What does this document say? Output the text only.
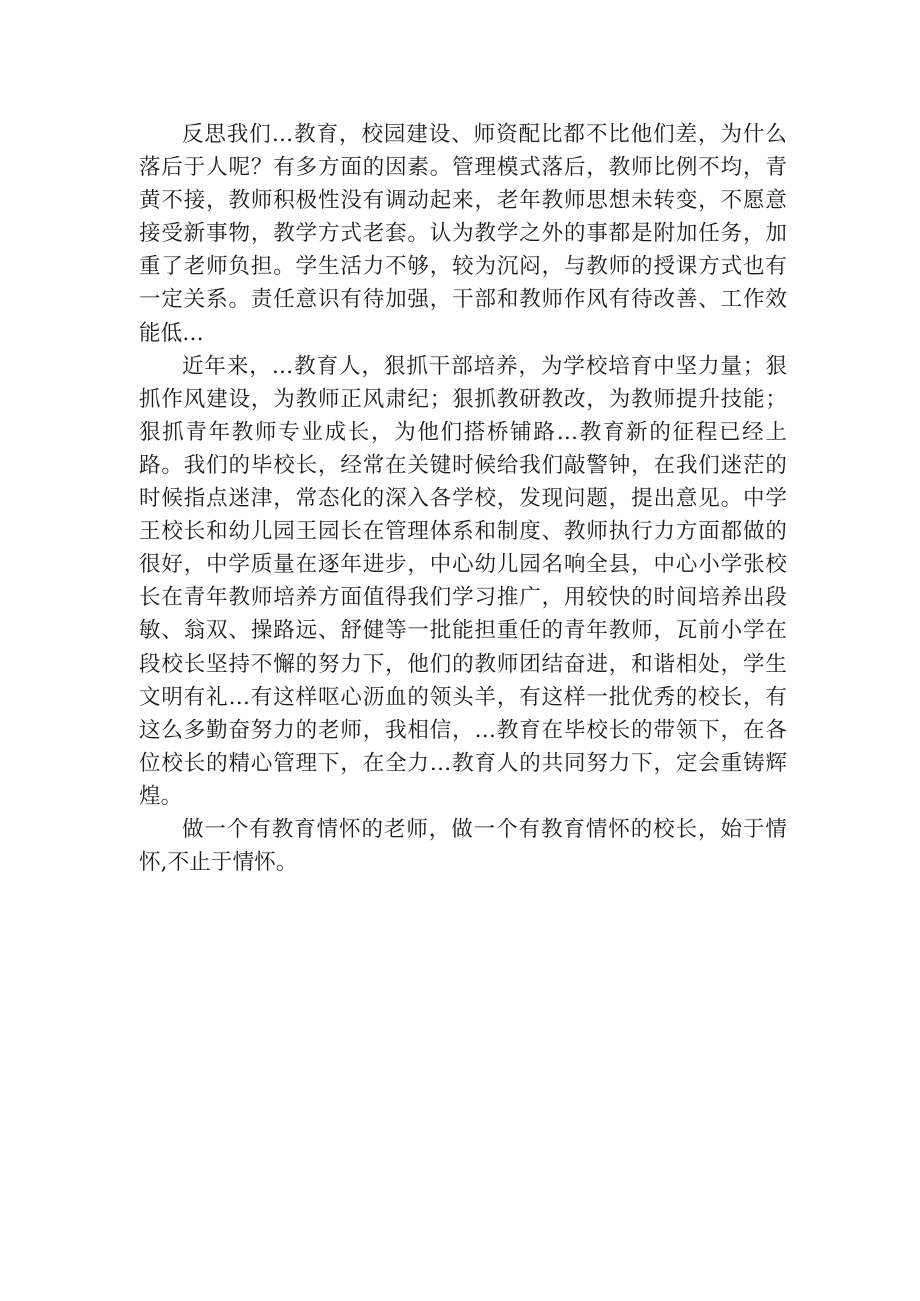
反思我们…教育，校园建设、师资配比都不比他们差，为什么落后于人呢？有多方面的因素。管理模式落后，教师比例不均，青黄不接，教师积极性没有调动起来，老年教师思想未转变，不愿意接受新事物，教学方式老套。认为教学之外的事都是附加任务，加重了老师负担。学生活力不够，较为沉闷，与教师的授课方式也有一定关系。责任意识有待加强，干部和教师作风有待改善、工作效能低…

近年来，…教育人，狠抓干部培养，为学校培育中坚力量；狠抓作风建设，为教师正风肃纪；狠抓教研教改，为教师提升技能；狠抓青年教师专业成长，为他们搭桥铺路…教育新的征程已经上路。我们的毕校长，经常在关键时候给我们敲警钟，在我们迷茫的时候指点迷津，常态化的深入各学校，发现问题，提出意见。中学王校长和幼儿园王园长在管理体系和制度、教师执行力方面都做的很好，中学质量在逐年进步，中心幼儿园名响全县，中心小学张校长在青年教师培养方面值得我们学习推广，用较快的时间培养出段敏、翁双、操路远、舒健等一批能担重任的青年教师，瓦前小学在段校长坚持不懈的努力下，他们的教师团结奋进，和谐相处，学生文明有礼…有这样呕心沥血的领头羊，有这样一批优秀的校长，有这么多勤奋努力的老师，我相信，…教育在毕校长的带领下，在各位校长的精心管理下，在全力…教育人的共同努力下，定会重铸辉煌。

做一个有教育情怀的老师，做一个有教育情怀的校长，始于情怀,不止于情怀。
